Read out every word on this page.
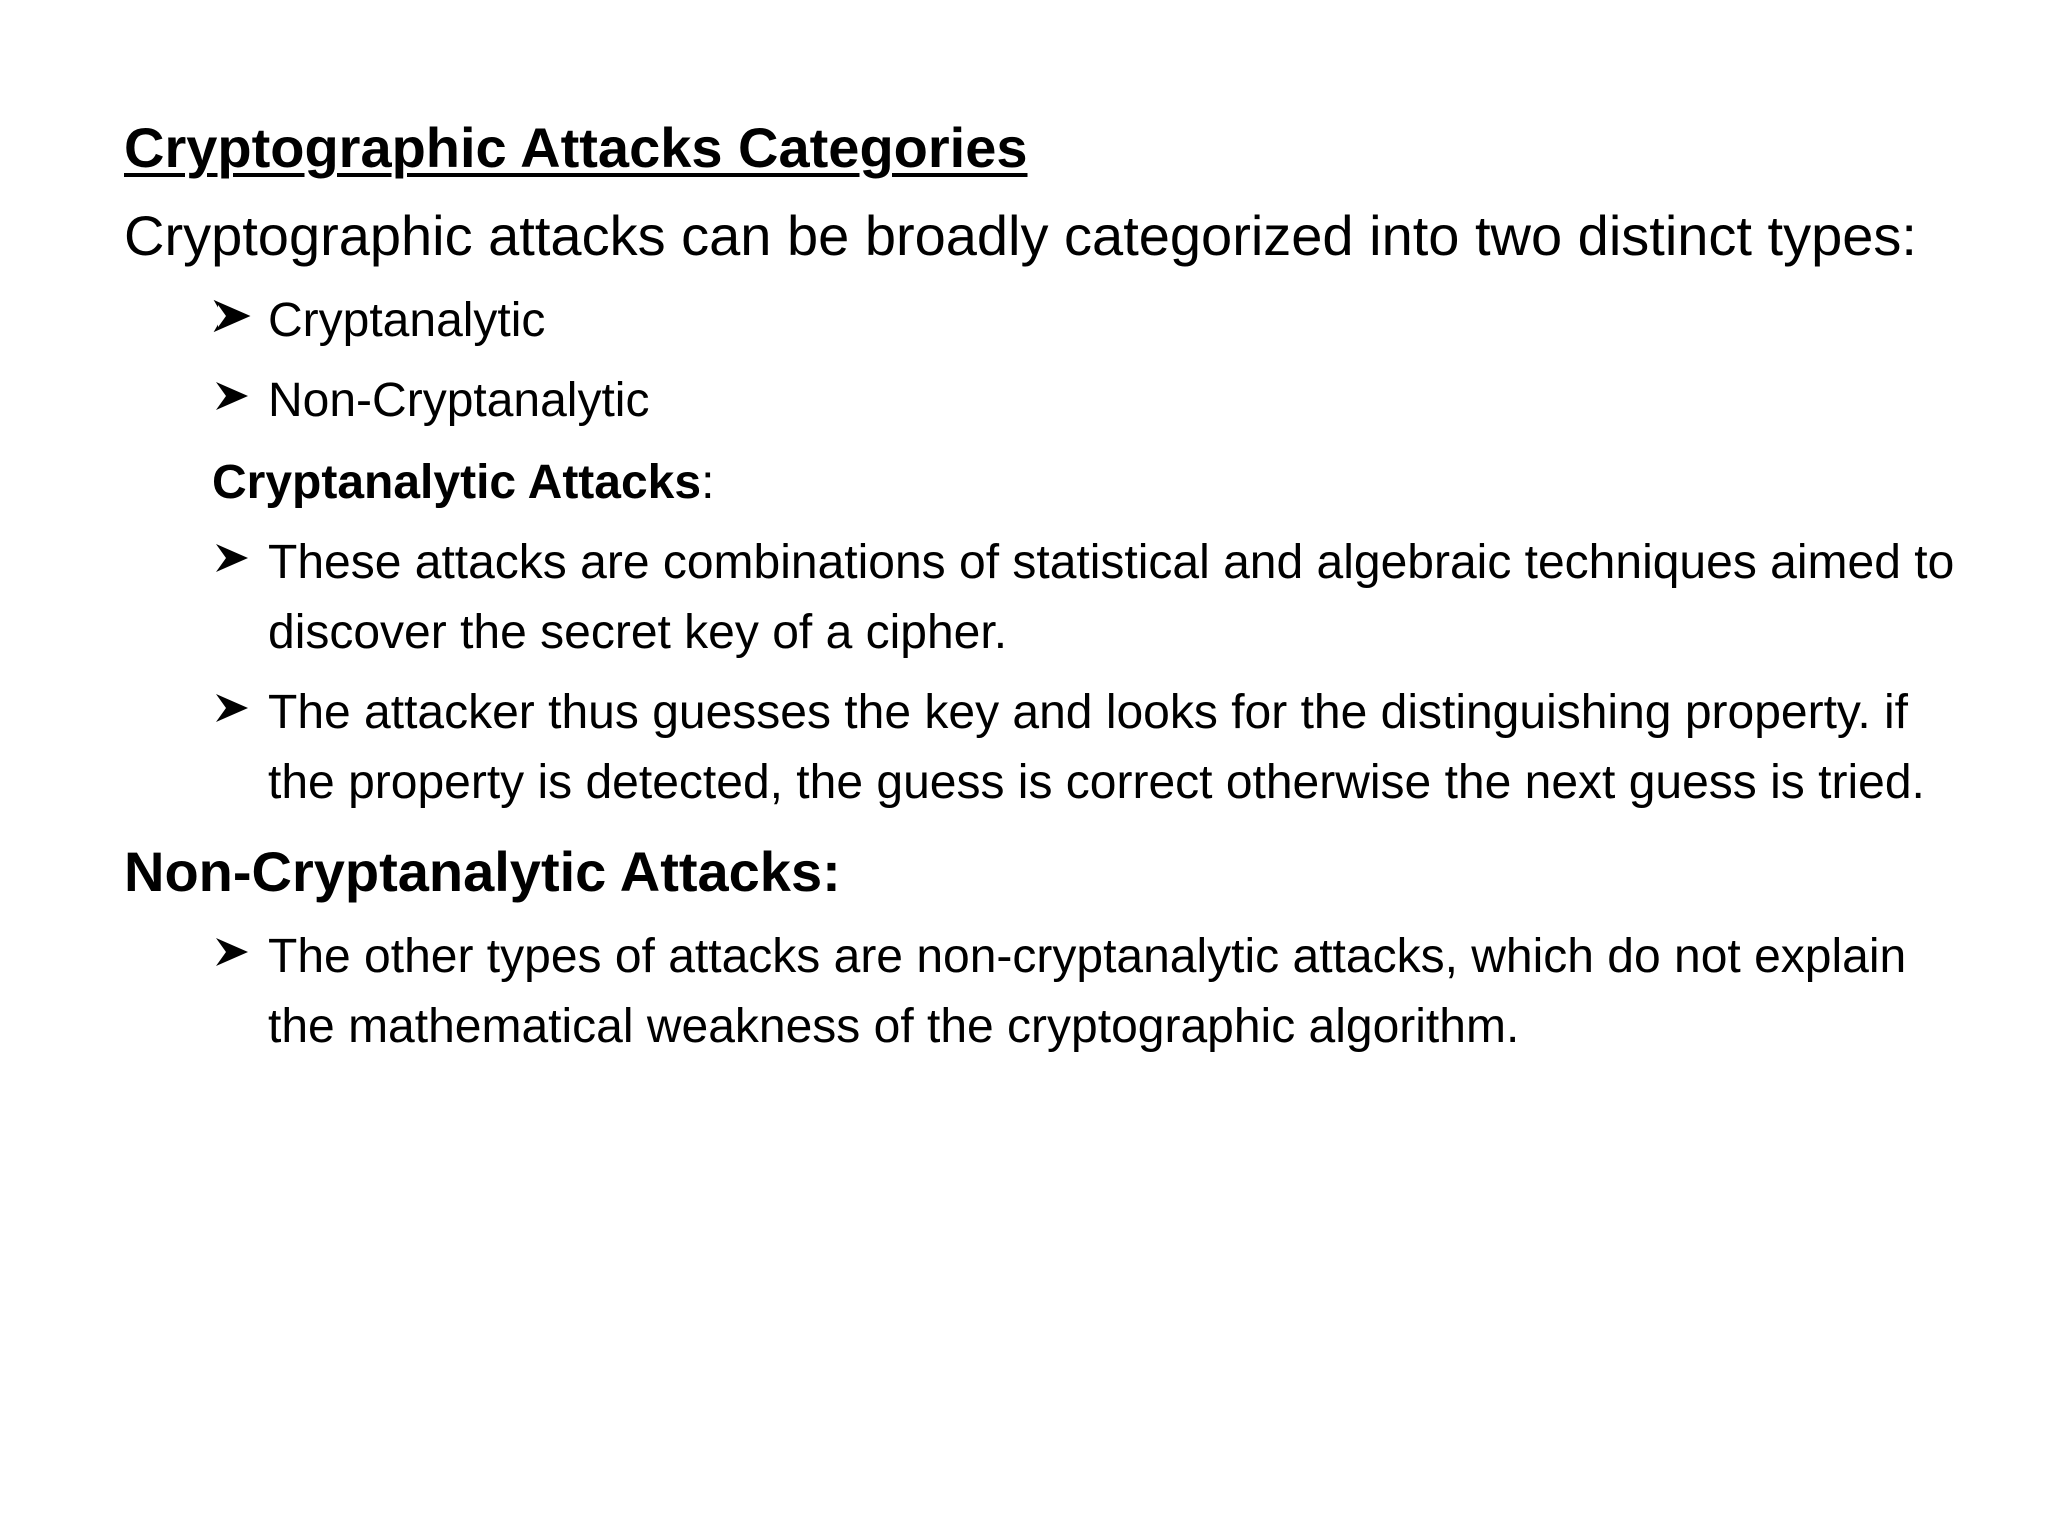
Cryptographic Attacks Categories

Cryptographic attacks can be broadly categorized into two distinct types:

Cryptanalytic
Non-Cryptanalytic
Cryptanalytic Attacks:
These attacks are combinations of statistical and algebraic techniques aimed to discover the secret key of a cipher.
The attacker thus guesses the key and looks for the distinguishing property. if the property is detected, the guess is correct otherwise the next guess is tried.
Non-Cryptanalytic Attacks:
The other types of attacks are non-cryptanalytic attacks, which do not explain the mathematical weakness of the cryptographic algorithm.
